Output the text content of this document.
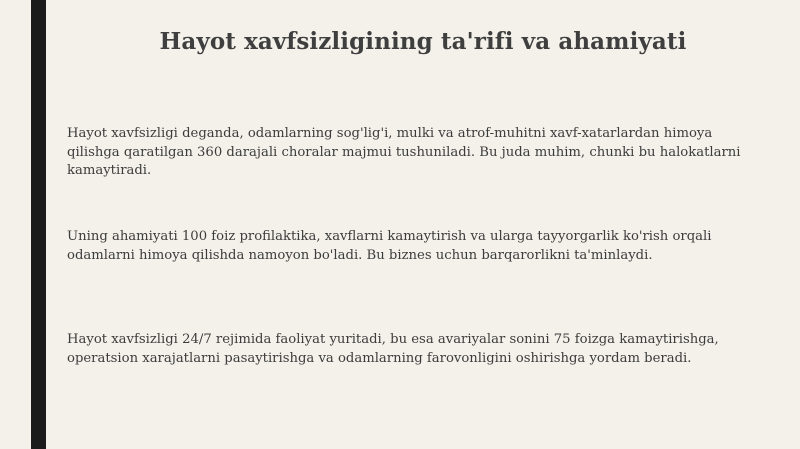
Hayot xavfsizligining ta'rifi va ahamiyati

Hayot xavfsizligi deganda, odamlarning sog'lig'i, mulki va atrof-muhitni xavf-xatarlardan himoya qilishga qaratilgan 360 darajali choralar majmui tushuniladi. Bu juda muhim, chunki bu halokatlarni kamaytiradi.

Uning ahamiyati 100 foiz profilaktika, xavflarni kamaytirish va ularga tayyorgarlik ko'rish orqali odamlarni himoya qilishda namoyon bo'ladi. Bu biznes uchun barqarorlikni ta'minlaydi.

Hayot xavfsizligi 24/7 rejimida faoliyat yuritadi, bu esa avariyalar sonini 75 foizga kamaytirishga, operatsion xarajatlarni pasaytirishga va odamlarning farovonligini oshirishga yordam beradi.
